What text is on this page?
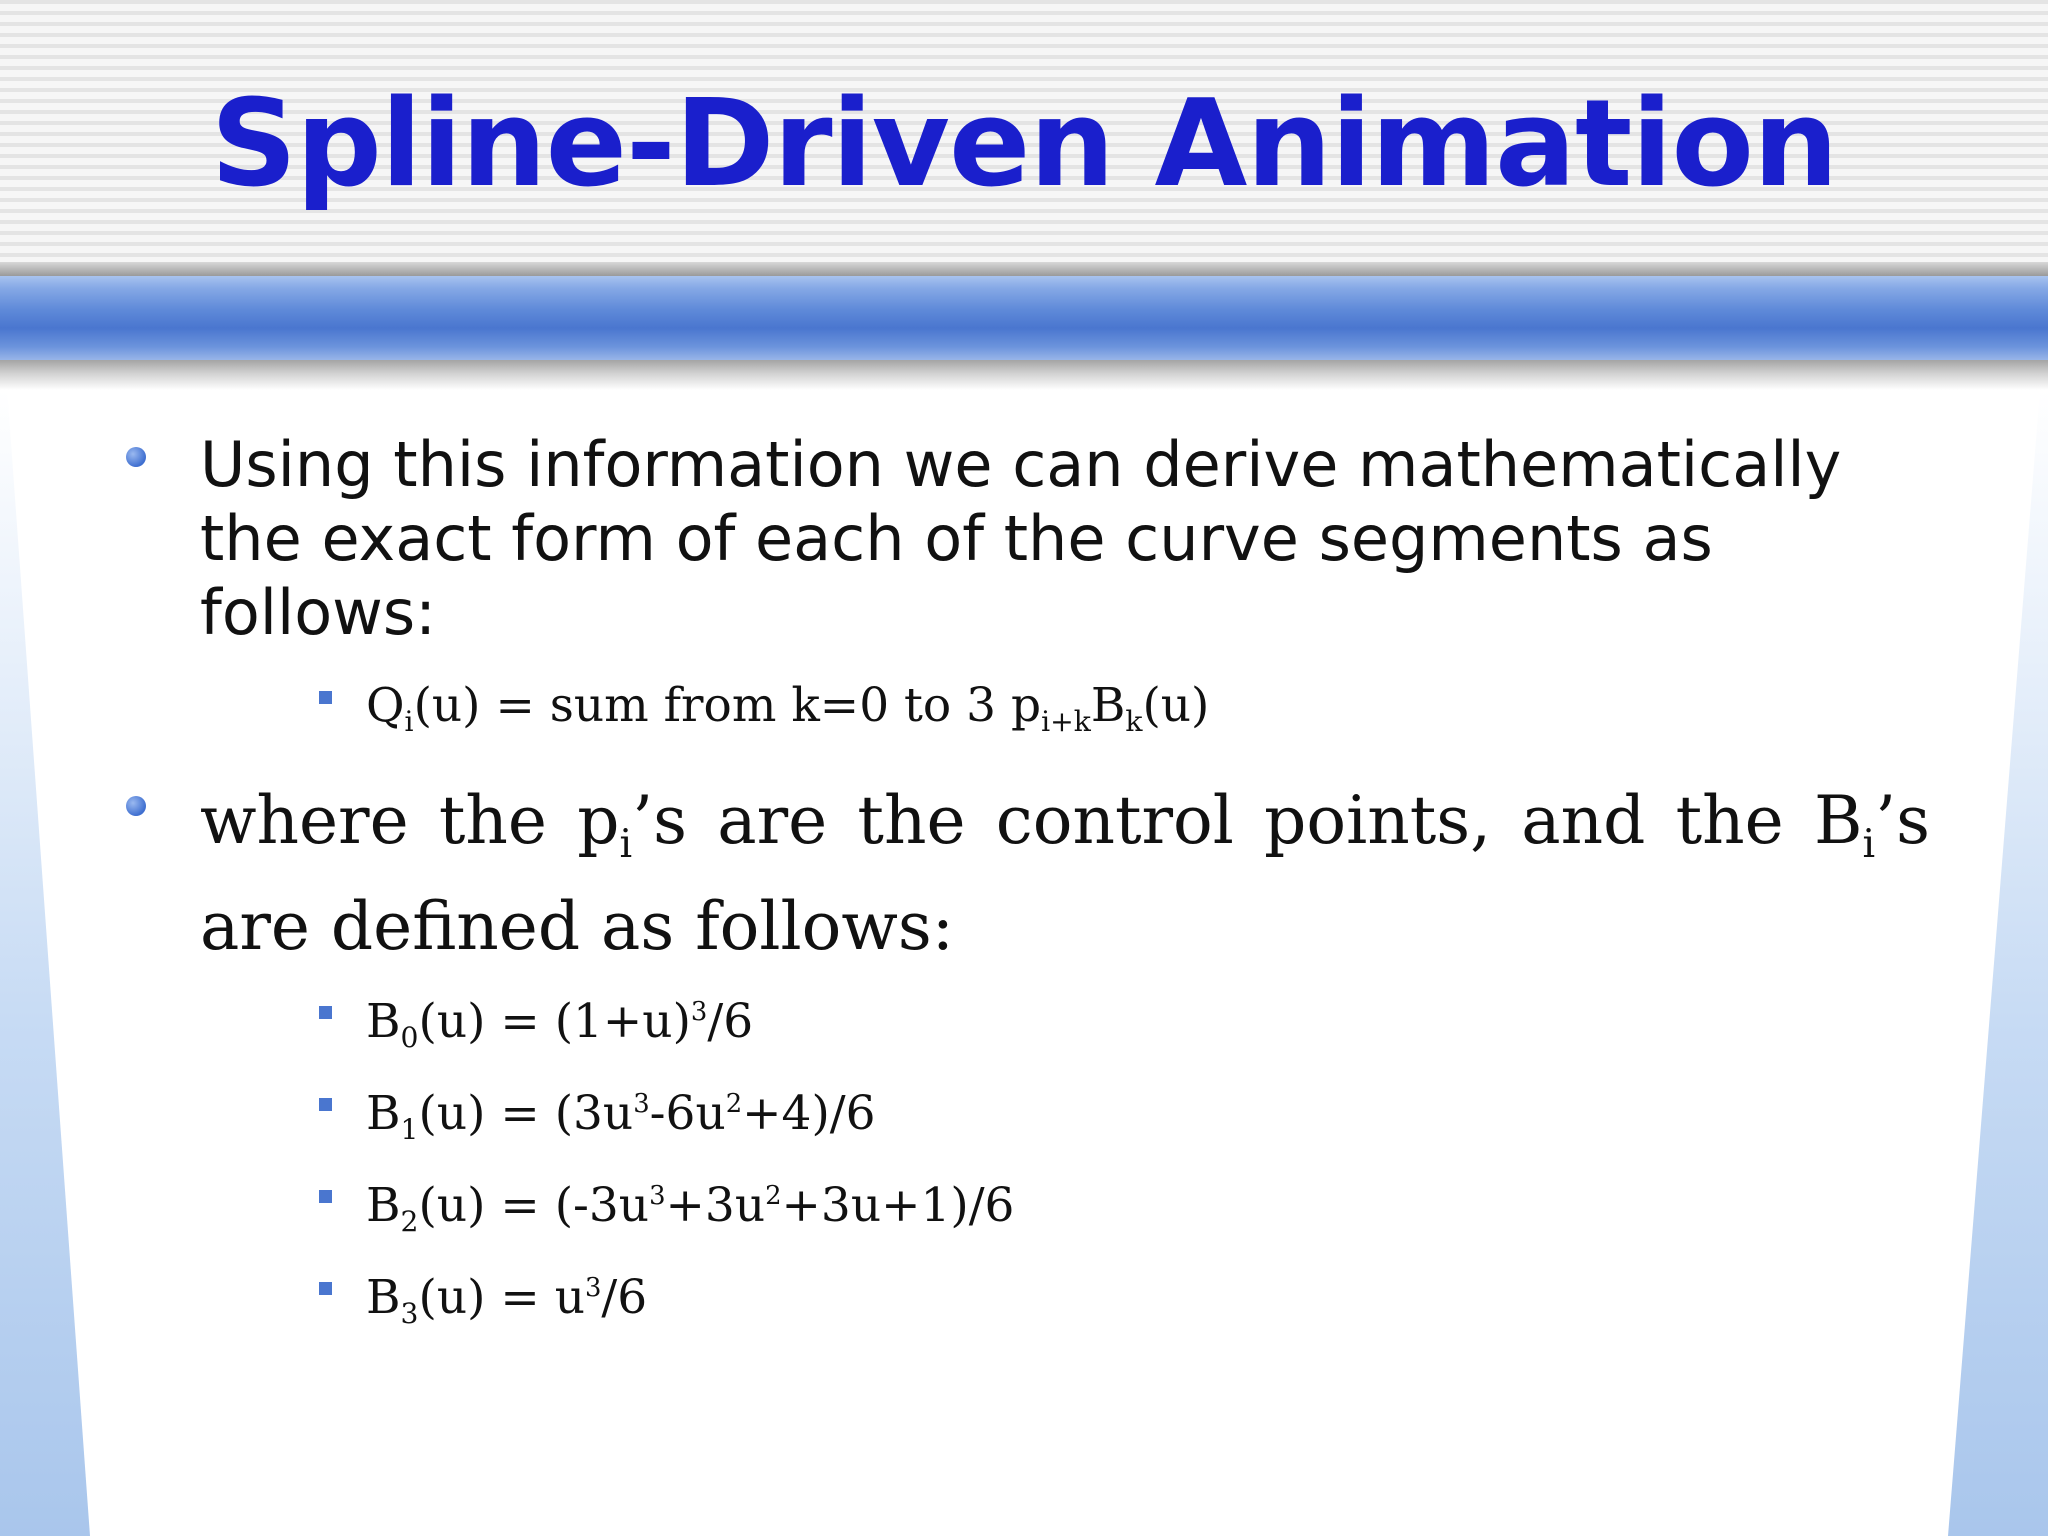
Spline-Driven Animation

Using this information we can derive mathematically the exact form of each of the curve segments as follows:

$Q_i(u)$ = sum from k=0 to 3 $p_{i+k}B_k(u)$

where the $p_i’s$ are the control points, and the $B_i’s$ are defined as follows:

$B_0(u) = (1+u)^3/6$

$B_1(u) = (3u^3-6u^2+4)/6$

$B_2(u) = (-3u^3+3u^2+3u+1)/6$

$B_3(u) = u^3/6$
